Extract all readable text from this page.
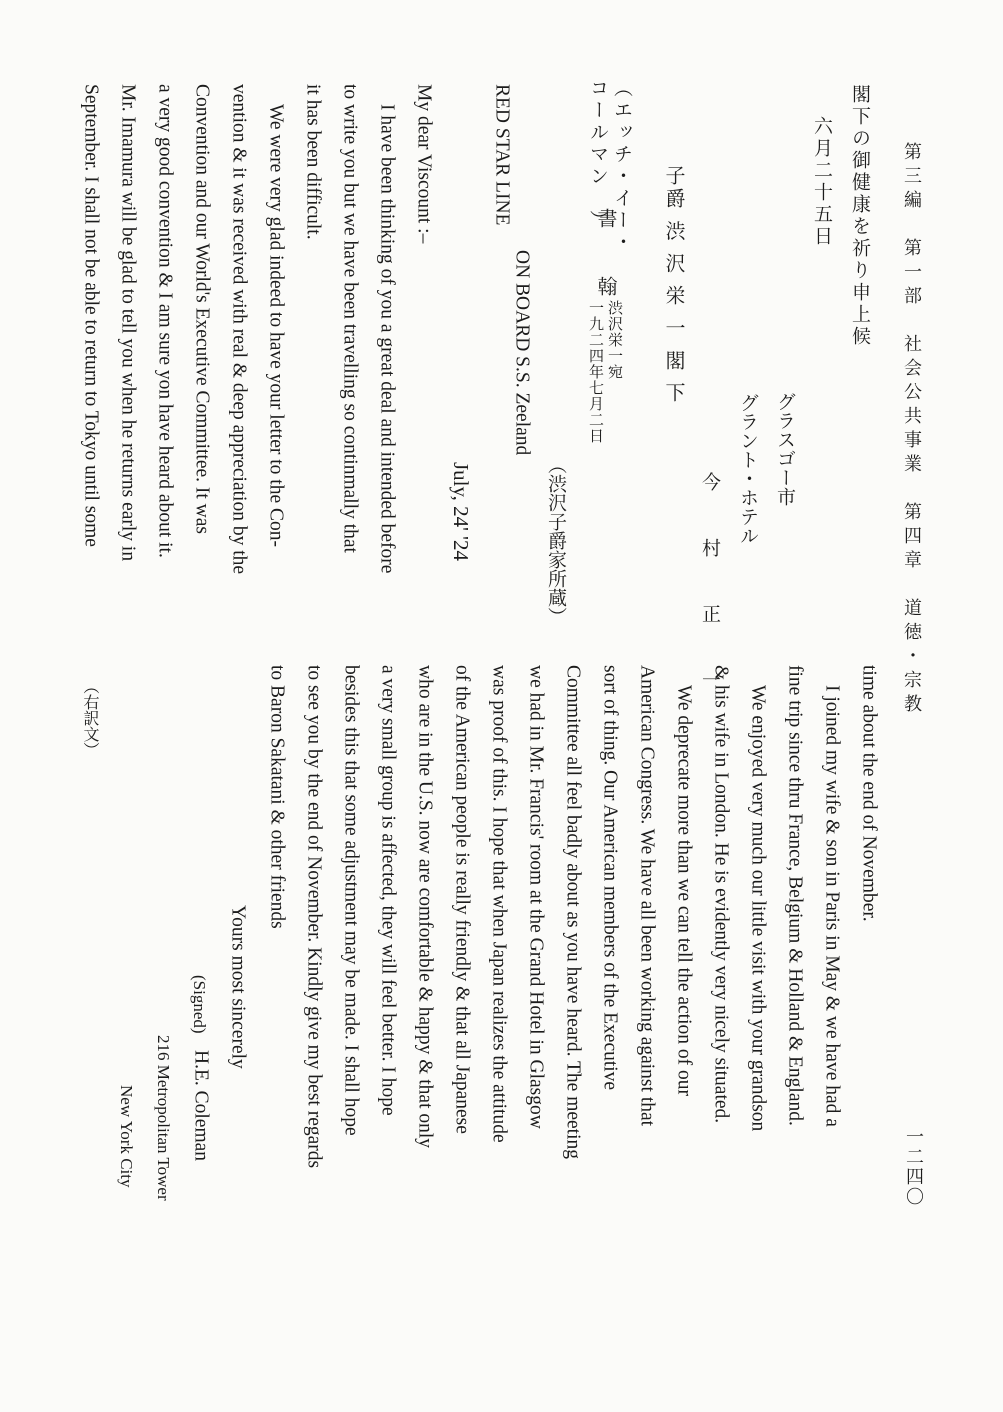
第三編　第一部　社会公共事業　第四章　道徳・宗教
一二四〇
閣下の御健康を祈り申上候
六月二十五日
グラスゴー市
グラント・ホテル
今　村　正　一
子爵 渋 沢 栄 一 閣 下
（渋沢子爵家所蔵）
渋沢栄一宛
一九二四年七月二日
（エッチ・イー・
コールマン　）
書　翰
RED STAR LINE
ON BOARD S.S. Zeeland
July, 24' '24
My dear Viscount :–
I have been thinking of you a great deal and intended before
to write you but we have been travelling so continmally that
it has been difficult.
We were very glad indeed to have your letter to the Con-
vention & it was received with real & deep appreciation by the
Convention and our World's Executive Committee. It was
a very good convention & I am sure yon have heard about it.
Mr. Imamura will be glad to tell you when he returns early in
September. I shall not be able to return to Tokyo until some
time about the end of November.
I joined my wife & son in Paris in May & we have had a
fine trip since thru France, Belgium & Holland & England.
We enjoyed very much our little visit with your grandson
& his wife in London. He is evidently very nicely situated.
We deprecate more than we can tell the action of our
American Congress. We have all been working against that
sort of thing. Our American members of the Executive
Committee all feel badly about as you have heard. The meeting
we had in Mr. Francis' room at the Grand Hotel in Glasgow
was proof of this. I hope that when Japan realizes the attitude
of the American people is really friendly & that all Japanese
who are in the U.S. now are comfortable & happy & that only
a very small group is affected, they will feel better. I hope
besides this that some adjustment may be made. I shall hope
to see you by the end of November. Kindly give my best regards
to Baron Sakatani & other friends
Yours most sincerely
(Signed)
H.E. Coleman
216 Metropolitan Tower
New York City
（右訳文）
